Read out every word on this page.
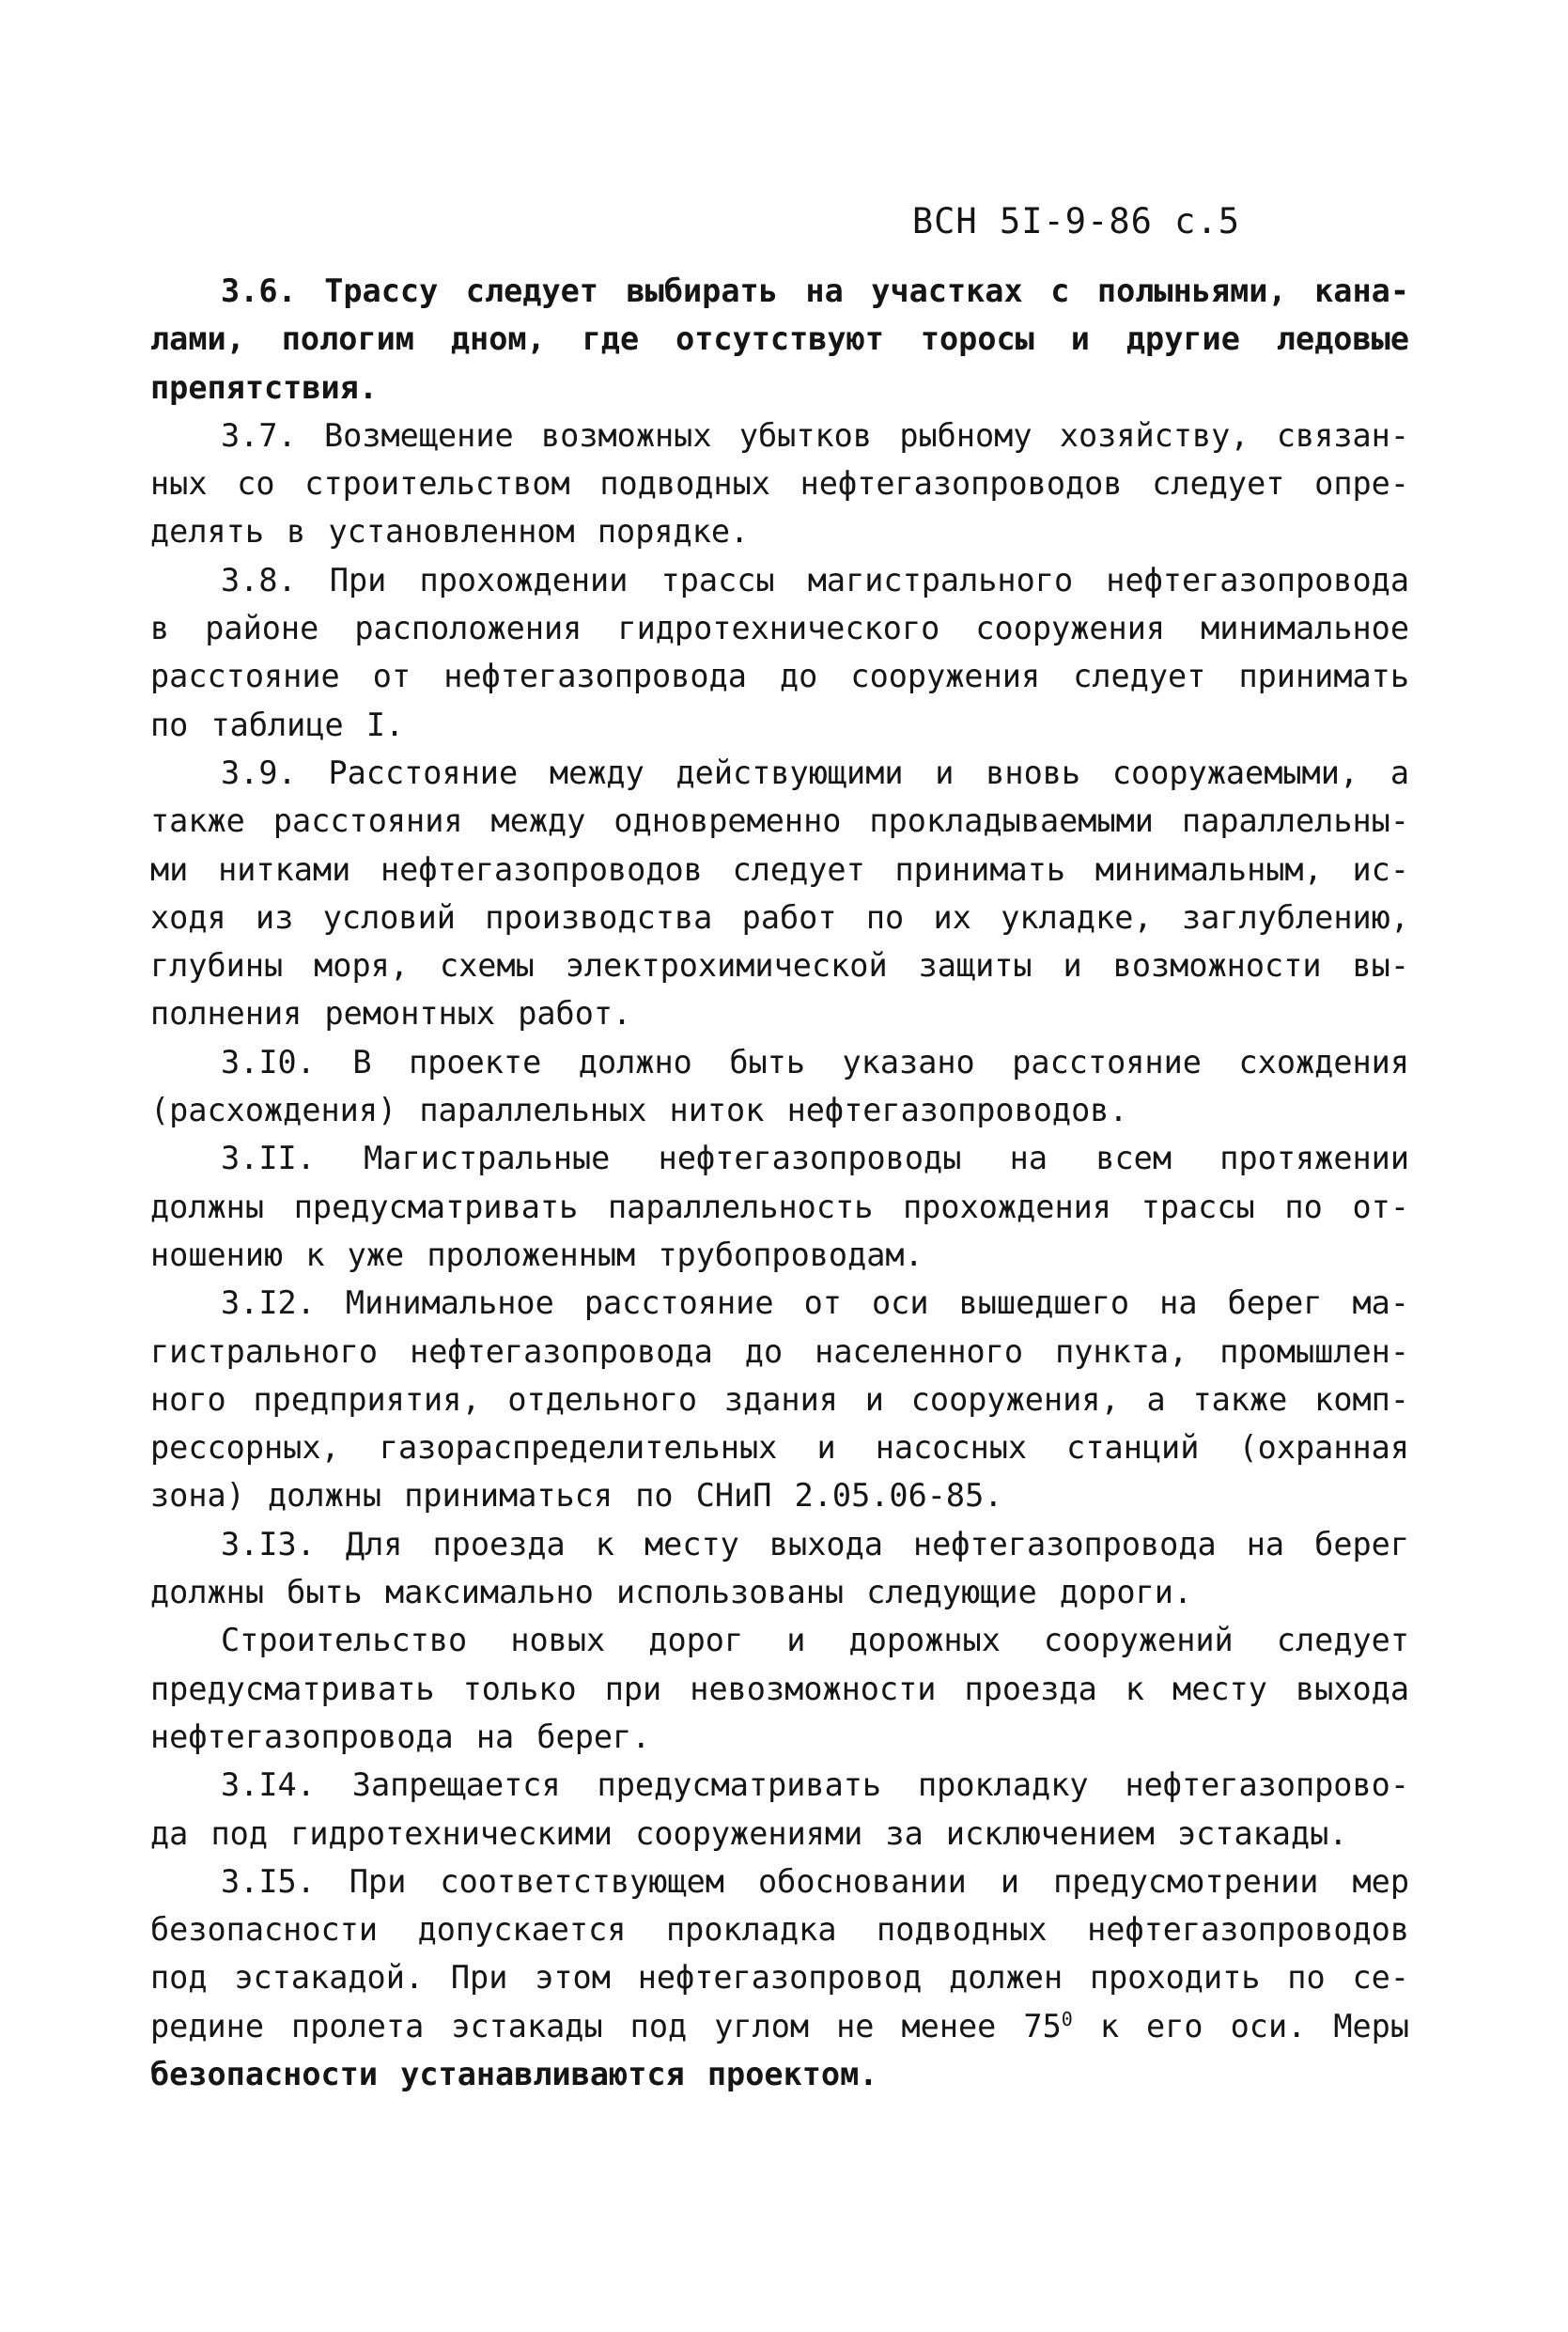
ВСН 5I-9-86 с.5
3.6. Трассу следует выбирать на участках с полыньями, кана-
лами, пологим дном, где отсутствуют торосы и другие ледовые
препятствия.
3.7. Возмещение возможных убытков рыбному хозяйству, связан-
ных со строительством подводных нефтегазопроводов следует опре-
делять в установленном порядке.
3.8. При прохождении трассы магистрального нефтегазопровода
в районе расположения гидротехнического сооружения минимальное
расстояние от нефтегазопровода до сооружения следует принимать
по таблице I.
3.9. Расстояние между действующими и вновь сооружаемыми, а
также расстояния между одновременно прокладываемыми параллельны-
ми нитками нефтегазопроводов следует принимать минимальным, ис-
ходя из условий производства работ по их укладке, заглублению,
глубины моря, схемы электрохимической защиты и возможности вы-
полнения ремонтных работ.
3.I0. В проекте должно быть указано расстояние схождения
(расхождения) параллельных ниток нефтегазопроводов.
3.II. Магистральные нефтегазопроводы на всем протяжении
должны предусматривать параллельность прохождения трассы по от-
ношению к уже проложенным трубопроводам.
3.I2. Минимальное расстояние от оси вышедшего на берег ма-
гистрального нефтегазопровода до населенного пункта, промышлен-
ного предприятия, отдельного здания и сооружения, а также комп-
рессорных, газораспределительных и насосных станций (охранная
зона) должны приниматься по СНиП 2.05.06-85.
3.I3. Для проезда к месту выхода нефтегазопровода на берег
должны быть максимально использованы следующие дороги.
Строительство новых дорог и дорожных сооружений следует
предусматривать только при невозможности проезда к месту выхода
нефтегазопровода на берег.
3.I4. Запрещается предусматривать прокладку нефтегазопрово-
да под гидротехническими сооружениями за исключением эстакады.
3.I5. При соответствующем обосновании и предусмотрении мер
безопасности допускается прокладка подводных нефтегазопроводов
под эстакадой. При этом нефтегазопровод должен проходить по се-
редине пролета эстакады под углом не менее $75^0$ к его оси. Меры
безопасности устанавливаются проектом.
